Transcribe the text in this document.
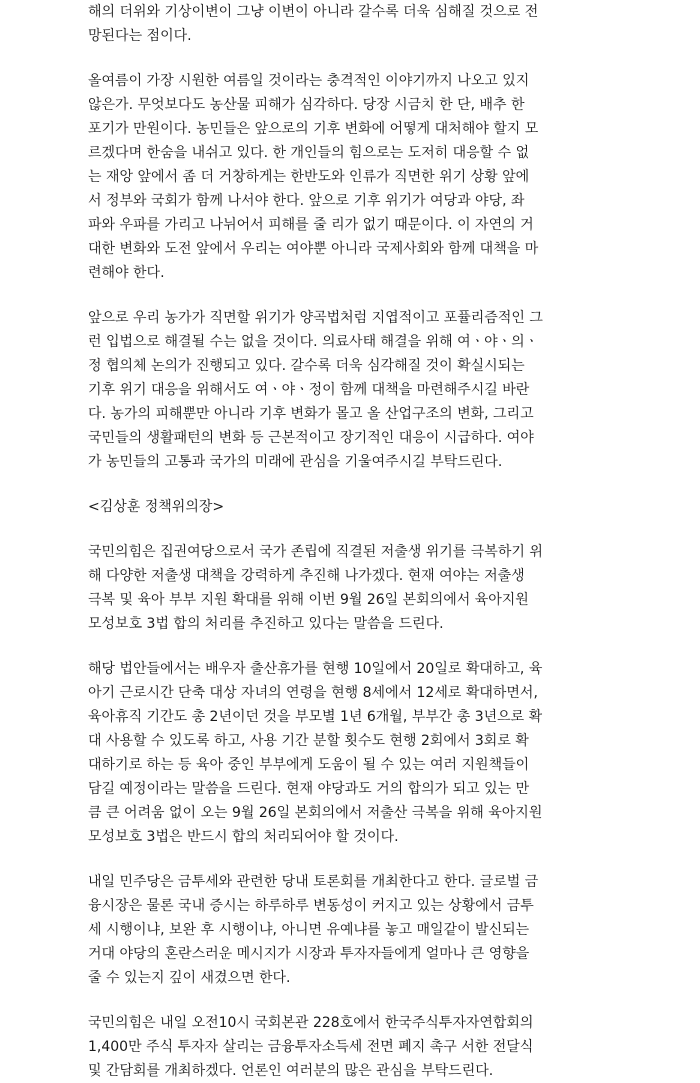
해의 더위와 기상이변이 그냥 이변이 아니라 갈수록 더욱 심해질 것으로 전
망된다는 점이다.
올여름이 가장 시원한 여름일 것이라는 충격적인 이야기까지 나오고 있지
않은가. 무엇보다도 농산물 피해가 심각하다. 당장 시금치 한 단, 배추 한
포기가 만원이다. 농민들은 앞으로의 기후 변화에 어떻게 대처해야 할지 모
르겠다며 한숨을 내쉬고 있다. 한 개인들의 힘으로는 도저히 대응할 수 없
는 재앙 앞에서 좀 더 거창하게는 한반도와 인류가 직면한 위기 상황 앞에
서 정부와 국회가 함께 나서야 한다. 앞으로 기후 위기가 여당과 야당, 좌
파와 우파를 가리고 나뉘어서 피해를 줄 리가 없기 때문이다. 이 자연의 거
대한 변화와 도전 앞에서 우리는 여야뿐 아니라 국제사회와 함께 대책을 마
련해야 한다.
앞으로 우리 농가가 직면할 위기가 양곡법처럼 지엽적이고 포퓰리즘적인 그
런 입법으로 해결될 수는 없을 것이다. 의료사태 해결을 위해 여ㆍ야ㆍ의ㆍ
정 협의체 논의가 진행되고 있다. 갈수록 더욱 심각해질 것이 확실시되는
기후 위기 대응을 위해서도 여ㆍ야ㆍ정이 함께 대책을 마련해주시길 바란
다. 농가의 피해뿐만 아니라 기후 변화가 몰고 올 산업구조의 변화, 그리고
국민들의 생활패턴의 변화 등 근본적이고 장기적인 대응이 시급하다. 여야
가 농민들의 고통과 국가의 미래에 관심을 기울여주시길 부탁드린다.
<김상훈 정책위의장>
국민의힘은 집권여당으로서 국가 존립에 직결된 저출생 위기를 극복하기 위
해 다양한 저출생 대책을 강력하게 추진해 나가겠다. 현재 여야는 저출생
극복 및 육아 부부 지원 확대를 위해 이번 9월 26일 본회의에서 육아지원
모성보호 3법 합의 처리를 추진하고 있다는 말씀을 드린다.
해당 법안들에서는 배우자 출산휴가를 현행 10일에서 20일로 확대하고, 육
아기 근로시간 단축 대상 자녀의 연령을 현행 8세에서 12세로 확대하면서,
육아휴직 기간도 총 2년이던 것을 부모별 1년 6개월, 부부간 총 3년으로 확
대 사용할 수 있도록 하고, 사용 기간 분할 횟수도 현행 2회에서 3회로 확
대하기로 하는 등 육아 중인 부부에게 도움이 될 수 있는 여러 지원책들이
담길 예정이라는 말씀을 드린다. 현재 야당과도 거의 합의가 되고 있는 만
큼 큰 어려움 없이 오는 9월 26일 본회의에서 저출산 극복을 위해 육아지원
모성보호 3법은 반드시 합의 처리되어야 할 것이다.
내일 민주당은 금투세와 관련한 당내 토론회를 개최한다고 한다. 글로벌 금
융시장은 물론 국내 증시는 하루하루 변동성이 커지고 있는 상황에서 금투
세 시행이냐, 보완 후 시행이냐, 아니면 유예냐를 놓고 매일같이 발신되는
거대 야당의 혼란스러운 메시지가 시장과 투자자들에게 얼마나 큰 영향을
줄 수 있는지 깊이 새겼으면 한다.
국민의힘은 내일 오전10시 국회본관 228호에서 한국주식투자자연합회의
1,400만 주식 투자자 살리는 금융투자소득세 전면 폐지 촉구 서한 전달식
및 간담회를 개최하겠다. 언론인 여러분의 많은 관심을 부탁드린다.
